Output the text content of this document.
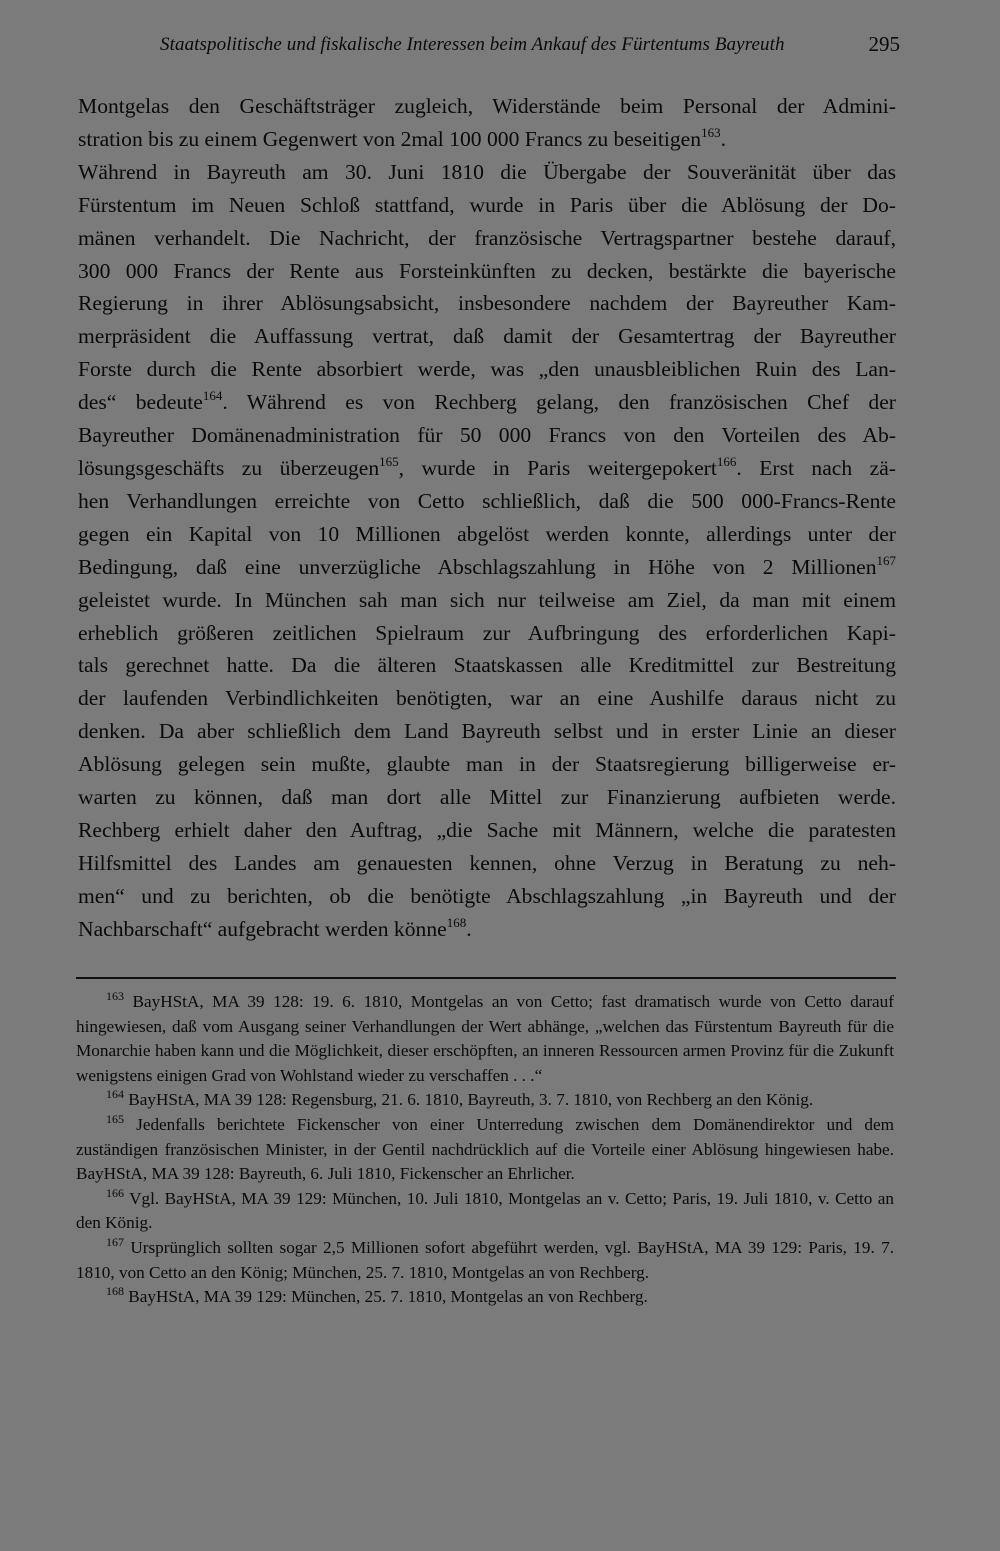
Staatspolitische und fiskalische Interessen beim Ankauf des Fürtentums Bayreuth	295
Montgelas den Geschäftsträger zugleich, Widerstände beim Personal der Admini-
stration bis zu einem Gegenwert von 2mal 100 000 Francs zu beseitigen$^{163}$.
Während in Bayreuth am 30. Juni 1810 die Übergabe der Souveränität über das
Fürstentum im Neuen Schloß stattfand, wurde in Paris über die Ablösung der Do-
mänen verhandelt. Die Nachricht, der französische Vertragspartner bestehe darauf,
300 000 Francs der Rente aus Forsteinkünften zu decken, bestärkte die bayerische
Regierung in ihrer Ablösungsabsicht, insbesondere nachdem der Bayreuther Kam-
merpräsident die Auffassung vertrat, daß damit der Gesamtertrag der Bayreuther
Forste durch die Rente absorbiert werde, was „den unausbleiblichen Ruin des Lan-
des“ bedeute$^{164}$. Während es von Rechberg gelang, den französischen Chef der
Bayreuther Domänenadministration für 50 000 Francs von den Vorteilen des Ab-
lösungsgeschäfts zu überzeugen$^{165}$, wurde in Paris weitergepokert$^{166}$. Erst nach zä-
hen Verhandlungen erreichte von Cetto schließlich, daß die 500 000-Francs-Rente
gegen ein Kapital von 10 Millionen abgelöst werden konnte, allerdings unter der
Bedingung, daß eine unverzügliche Abschlagszahlung in Höhe von 2 Millionen$^{167}$
geleistet wurde. In München sah man sich nur teilweise am Ziel, da man mit einem
erheblich größeren zeitlichen Spielraum zur Aufbringung des erforderlichen Kapi-
tals gerechnet hatte. Da die älteren Staatskassen alle Kreditmittel zur Bestreitung
der laufenden Verbindlichkeiten benötigten, war an eine Aushilfe daraus nicht zu
denken. Da aber schließlich dem Land Bayreuth selbst und in erster Linie an dieser
Ablösung gelegen sein mußte, glaubte man in der Staatsregierung billigerweise er-
warten zu können, daß man dort alle Mittel zur Finanzierung aufbieten werde.
Rechberg erhielt daher den Auftrag, „die Sache mit Männern, welche die paratesten
Hilfsmittel des Landes am genauesten kennen, ohne Verzug in Beratung zu neh-
men“ und zu berichten, ob die benötigte Abschlagszahlung „in Bayreuth und der
Nachbarschaft“ aufgebracht werden könne$^{168}$.

$^{163}$ BayHStA, MA 39 128: 19. 6. 1810, Montgelas an von Cetto; fast dramatisch wurde von Cetto darauf hingewiesen, daß vom Ausgang seiner Verhandlungen der Wert abhänge, „welchen das Fürstentum Bayreuth für die Monarchie haben kann und die Möglichkeit, dieser erschöpften, an inneren Ressourcen armen Provinz für die Zukunft wenigstens einigen Grad von Wohlstand wieder zu verschaffen . . .“

$^{164}$ BayHStA, MA 39 128: Regensburg, 21. 6. 1810, Bayreuth, 3. 7. 1810, von Rechberg an den König.

$^{165}$ Jedenfalls berichtete Fickenscher von einer Unterredung zwischen dem Domänendirektor und dem zuständigen französischen Minister, in der Gentil nachdrücklich auf die Vorteile einer Ablösung hingewiesen habe. BayHStA, MA 39 128: Bayreuth, 6. Juli 1810, Fickenscher an Ehrlicher.

$^{166}$ Vgl. BayHStA, MA 39 129: München, 10. Juli 1810, Montgelas an v. Cetto; Paris, 19. Juli 1810, v. Cetto an den König.

$^{167}$ Ursprünglich sollten sogar 2,5 Millionen sofort abgeführt werden, vgl. BayHStA, MA 39 129: Paris, 19. 7. 1810, von Cetto an den König; München, 25. 7. 1810, Montgelas an von Rechberg.

$^{168}$ BayHStA, MA 39 129: München, 25. 7. 1810, Montgelas an von Rechberg.
